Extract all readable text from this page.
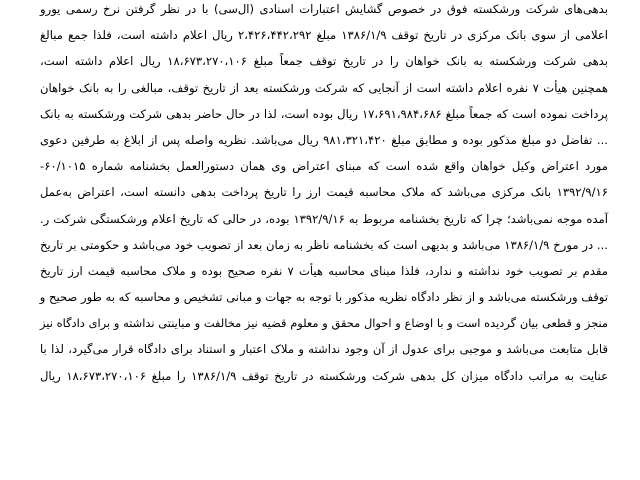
بدهی‌های شرکت ورشکسته فوق در خصوص گشایش اعتبارات اسنادی (ال‌سی) با در نظر گرفتن نرخ رسمی یورو
اعلامی از سوی بانک مرکزی در تاریخ توقف ۱۳۸۶/۱/۹ مبلغ ۲،۴۲۶،۴۴۲،۲۹۲ ریال اعلام داشته است، فلذا جمع مبالغ
بدهی شرکت ورشکسته به بانک خواهان را در تاریخ توقف جمعاً مبلغ ۱۸،۶۷۳،۲۷۰،۱۰۶ ریال اعلام داشته است،
همچنین هیأت ۷ نفره اعلام داشته است از آنجایی که شرکت ورشکسته بعد از تاریخ توقف، مبالغی را به بانک خواهان
پرداخت نموده است که جمعاً مبلغ ۱۷،۶۹۱،۹۸۴،۶۸۶ ریال بوده است، لذا در حال حاضر بدهی شرکت ورشکسته به بانک
... تفاضل دو مبلغ مذکور بوده و مطابق مبلغ ۹۸۱،۳۲۱،۴۲۰ ریال می‌باشد. نظریه واصله پس از ابلاغ به طرفین دعوی
مورد اعتراض وکیل خواهان واقع شده است که مبنای اعتراض وی همان دستورالعمل بخشنامه شماره ۶۰/۱۰۱۵-
۱۳۹۲/۹/۱۶ بانک مرکزی می‌باشد که ملاک محاسبه قیمت ارز را تاریخ پرداخت بدهی دانسته است، اعتراض به‌عمل
آمده موجه نمی‌باشد؛ چرا که تاریخ بخشنامه مربوط به ۱۳۹۲/۹/۱۶ بوده، در حالی که تاریخ اعلام ورشکستگی شرکت ر.
... در مورخ ۱۳۸۶/۱/۹ می‌باشد و بدیهی است که بخشنامه ناظر به زمان بعد از تصویب خود می‌باشد و حکومتی بر تاریخ
مقدم بر تصویب خود نداشته و ندارد، فلذا مبنای محاسبه هیأت ۷ نفره صحیح بوده و ملاک محاسبه قیمت ارز تاریخ
توقف ورشکسته می‌باشد و از نظر دادگاه نظریه مذکور با توجه به جهات و مبانی تشخیص و محاسبه که به طور صحیح و
منجز و قطعی بیان گردیده است و با اوضاع و احوال محقق و معلوم قضیه نیز مخالفت و مباینتی نداشته و برای دادگاه نیز
قابل متابعت می‌باشد و موجبی برای عدول از آن وجود نداشته و ملاک اعتبار و استناد برای دادگاه قرار می‌گیرد، لذا با
عنایت به مراتب دادگاه میزان کل بدهی شرکت ورشکسته در تاریخ توقف ۱۳۸۶/۱/۹ را مبلغ ۱۸،۶۷۳،۲۷۰،۱۰۶ ریال
